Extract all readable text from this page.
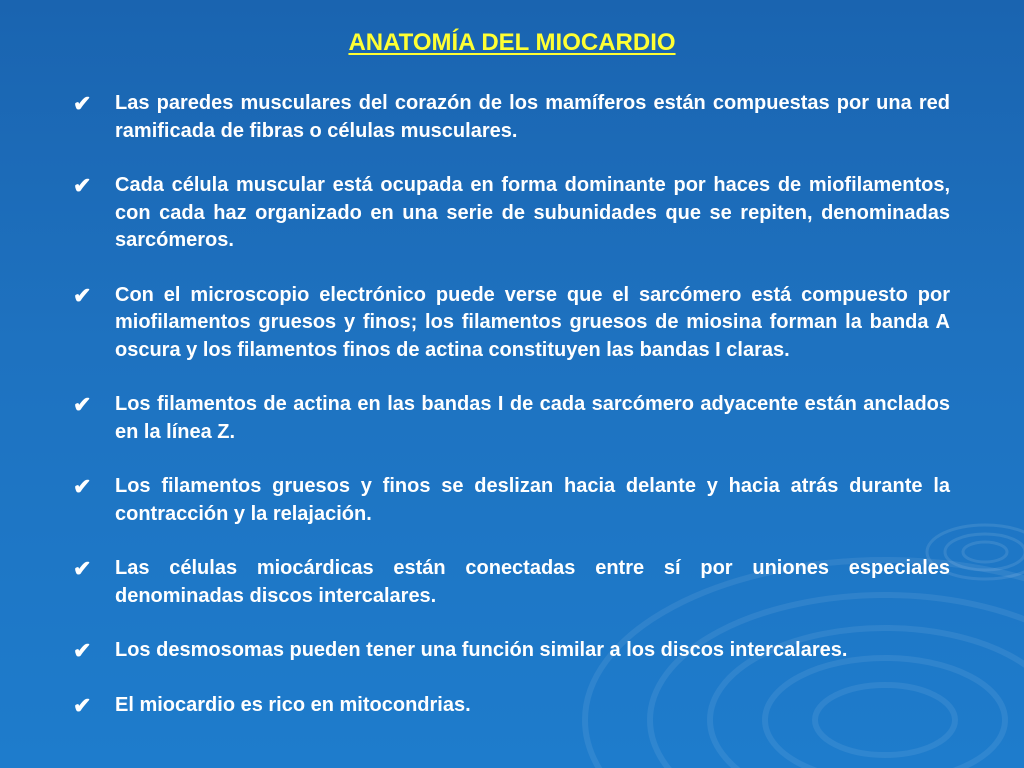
ANATOMÍA DEL MIOCARDIO
✔ Las paredes musculares del corazón de los mamíferos están compuestas por una red ramificada de fibras o células musculares.
✔ Cada célula muscular está ocupada en forma dominante por haces de miofilamentos, con cada haz organizado en una serie de subunidades que se repiten, denominadas sarcómeros.
✔ Con el microscopio electrónico puede verse que el sarcómero está compuesto por miofilamentos gruesos y finos; los filamentos gruesos de miosina forman la banda A oscura y los filamentos finos de actina constituyen las bandas I claras.
✔ Los filamentos de actina en las bandas I de cada sarcómero adyacente están anclados en la línea Z.
✔ Los filamentos gruesos y finos se deslizan hacia delante y hacia atrás durante la contracción y la relajación.
✔ Las células miocárdicas están conectadas entre sí por uniones especiales denominadas discos intercalares.
✔ Los desmosomas pueden tener una función similar a los discos intercalares.
✔ El miocardio es rico en mitocondrias.
